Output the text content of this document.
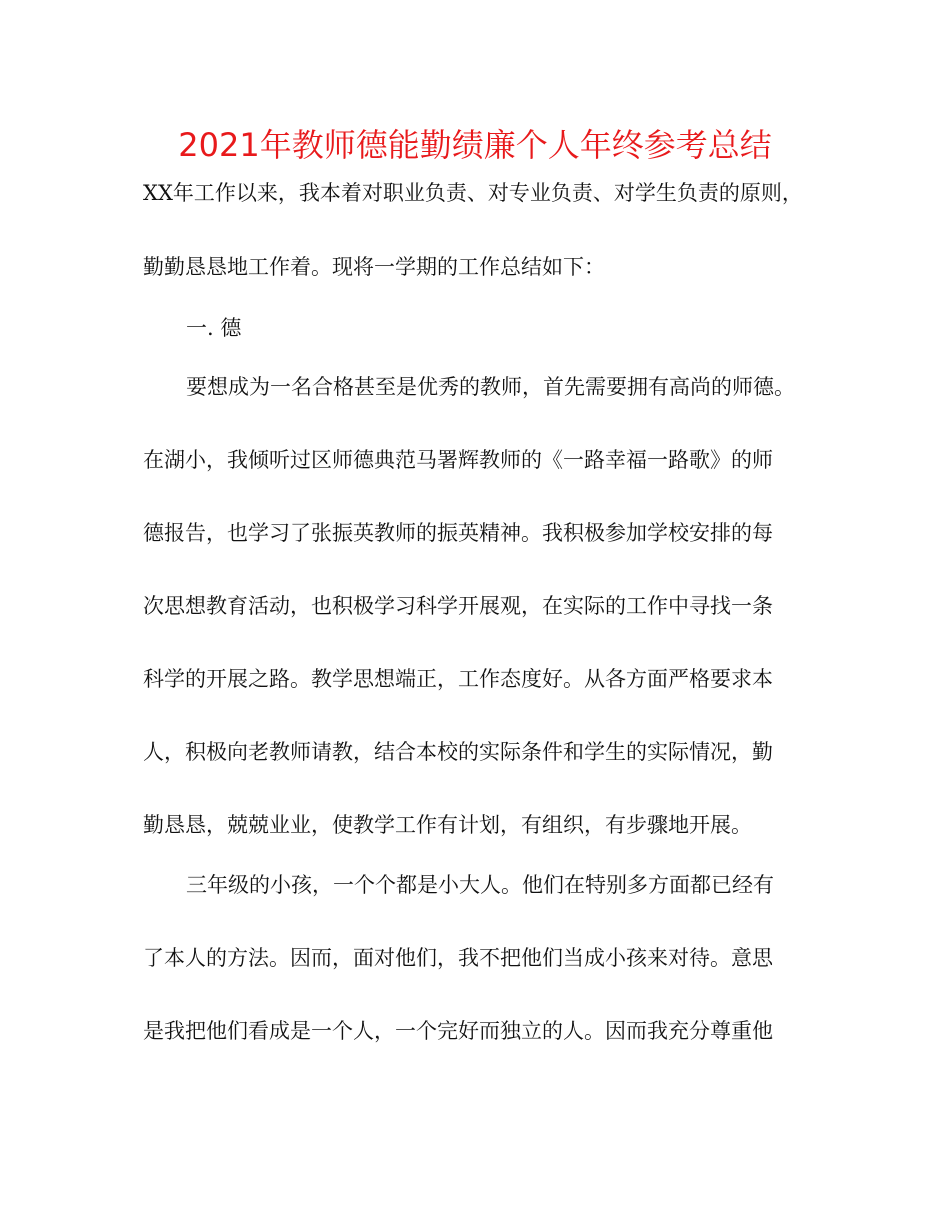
2021年教师德能勤绩廉个人年终参考总结
XX年工作以来，我本着对职业负责、对专业负责、对学生负责的原则，
勤勤恳恳地工作着。现将一学期的工作总结如下：
一. 德
要想成为一名合格甚至是优秀的教师，首先需要拥有高尚的师德。
在湖小，我倾听过区师德典范马署辉教师的《一路幸福一路歌》的师
德报告，也学习了张振英教师的振英精神。我积极参加学校安排的每
次思想教育活动，也积极学习科学开展观，在实际的工作中寻找一条
科学的开展之路。教学思想端正，工作态度好。从各方面严格要求本
人，积极向老教师请教，结合本校的实际条件和学生的实际情况，勤
勤恳恳，兢兢业业，使教学工作有计划，有组织，有步骤地开展。
三年级的小孩，一个个都是小大人。他们在特别多方面都已经有
了本人的方法。因而，面对他们，我不把他们当成小孩来对待。意思
是我把他们看成是一个人，一个完好而独立的人。因而我充分尊重他
